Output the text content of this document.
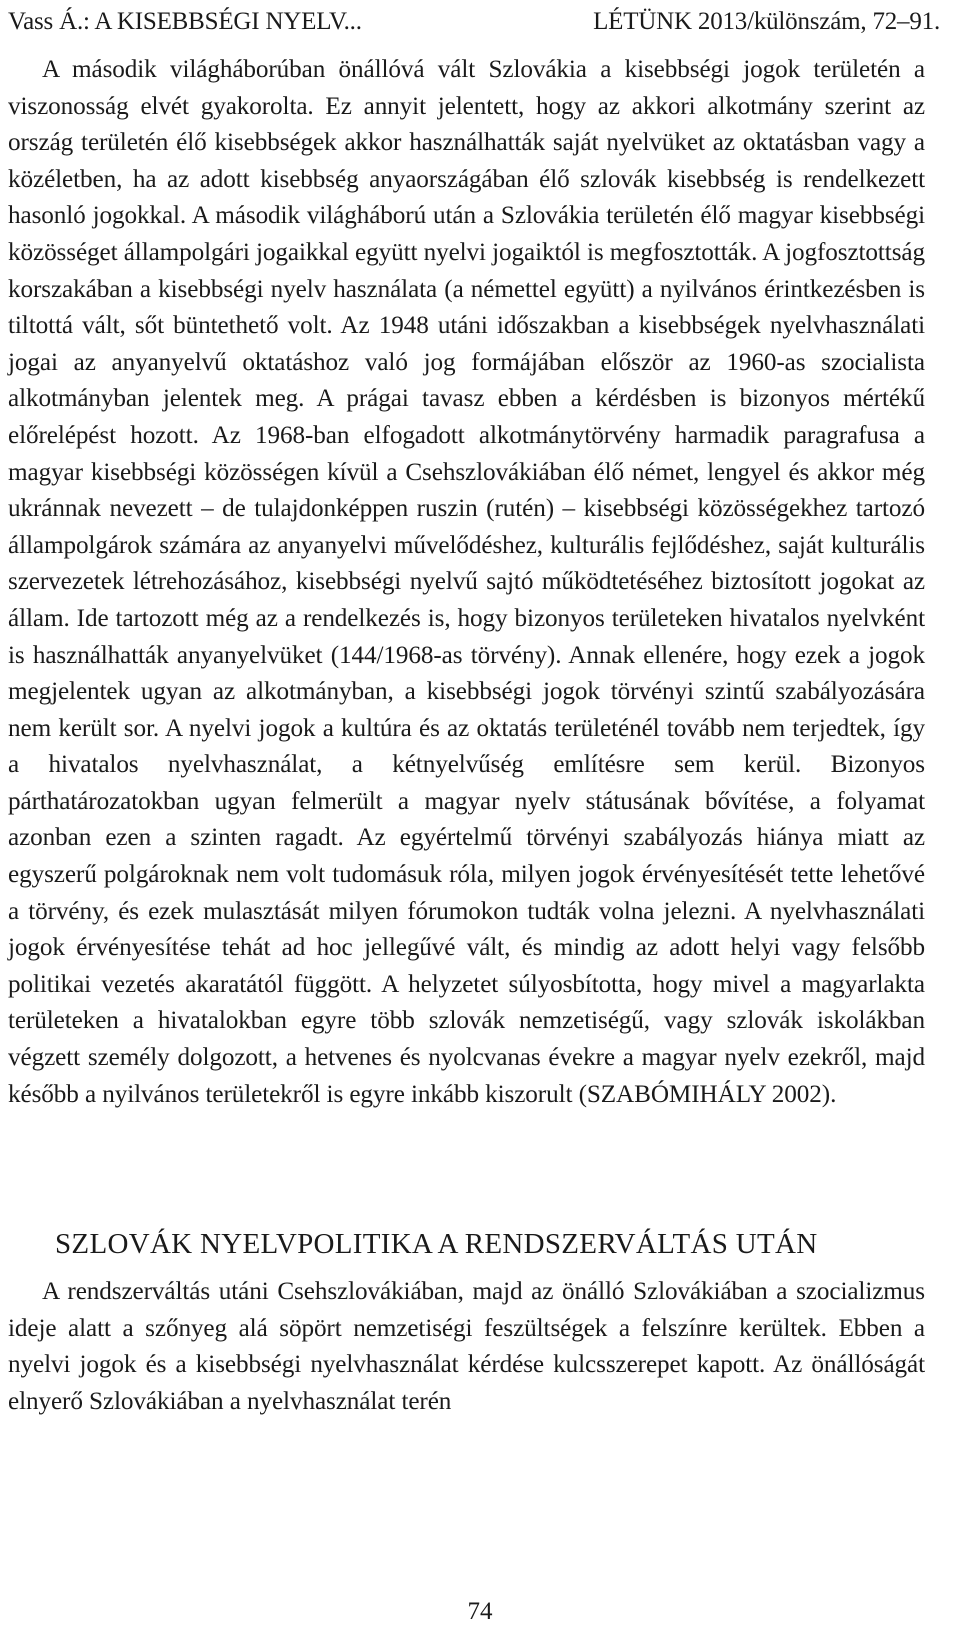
Vass Á.: A KISEBBSÉGI NYELV...	LÉTÜNK 2013/különszám, 72–91.

A második világháborúban önállóvá vált Szlovákia a kisebbségi jogok területén a viszonosság elvét gyakorolta. Ez annyit jelentett, hogy az akkori alkotmány szerint az ország területén élő kisebbségek akkor használhatták saját nyelvüket az oktatásban vagy a közéletben, ha az adott kisebbség anyaországában élő szlovák kisebbség is rendelkezett hasonló jogokkal. A második világháború után a Szlovákia területén élő magyar kisebbségi közösséget állampolgári jogaikkal együtt nyelvi jogaiktól is megfosztották. A jogfosztottság korszakában a kisebbségi nyelv használata (a némettel együtt) a nyilvános érintkezésben is tiltottá vált, sőt büntethető volt. Az 1948 utáni időszakban a kisebbségek nyelvhasználati jogai az anyanyelvű oktatáshoz való jog formájában először az 1960-as szocialista alkotmányban jelentek meg. A prágai tavasz ebben a kérdésben is bizonyos mértékű előrelépést hozott. Az 1968-ban elfogadott alkotmánytörvény harmadik paragrafusa a magyar kisebbségi közösségen kívül a Csehszlovákiában élő német, lengyel és akkor még ukránnak nevezett – de tulajdonképpen ruszin (rutén) – kisebbségi közösségekhez tartozó állampolgárok számára az anyanyelvi művelődéshez, kulturális fejlődéshez, saját kulturális szervezetek létrehozásához, kisebbségi nyelvű sajtó működtetéséhez biztosított jogokat az állam. Ide tartozott még az a rendelkezés is, hogy bizonyos területeken hivatalos nyelvként is használhatták anyanyelvüket (144/1968-as törvény). Annak ellenére, hogy ezek a jogok megjelentek ugyan az alkotmányban, a kisebbségi jogok törvényi szintű szabályozására nem került sor. A nyelvi jogok a kultúra és az oktatás területénél tovább nem terjedtek, így a hivatalos nyelvhasználat, a kétnyelvűség említésre sem kerül. Bizonyos párthatározatokban ugyan felmerült a magyar nyelv státusának bővítése, a folyamat azonban ezen a szinten ragadt. Az egyértelmű törvényi szabályozás hiánya miatt az egyszerű polgároknak nem volt tudomásuk róla, milyen jogok érvényesítését tette lehetővé a törvény, és ezek mulasztását milyen fórumokon tudták volna jelezni. A nyelvhasználati jogok érvényesítése tehát ad hoc jellegűvé vált, és mindig az adott helyi vagy felsőbb politikai vezetés akaratától függött. A helyzetet súlyosbította, hogy mivel a magyarlakta területeken a hivatalokban egyre több szlovák nemzetiségű, vagy szlovák iskolákban végzett személy dolgozott, a hetvenes és nyolcvanas évekre a magyar nyelv ezekről, majd később a nyilvános területekről is egyre inkább kiszorult (SZABÓMIHÁLY 2002).

SZLOVÁK NYELVPOLITIKA A RENDSZERVÁLTÁS UTÁN

A rendszerváltás utáni Csehszlovákiában, majd az önálló Szlovákiában a szocializmus ideje alatt a szőnyeg alá söpört nemzetiségi feszültségek a felszínre kerültek. Ebben a nyelvi jogok és a kisebbségi nyelvhasználat kérdése kulcsszerepet kapott. Az önállóságát elnyerő Szlovákiában a nyelvhasználat terén

74
